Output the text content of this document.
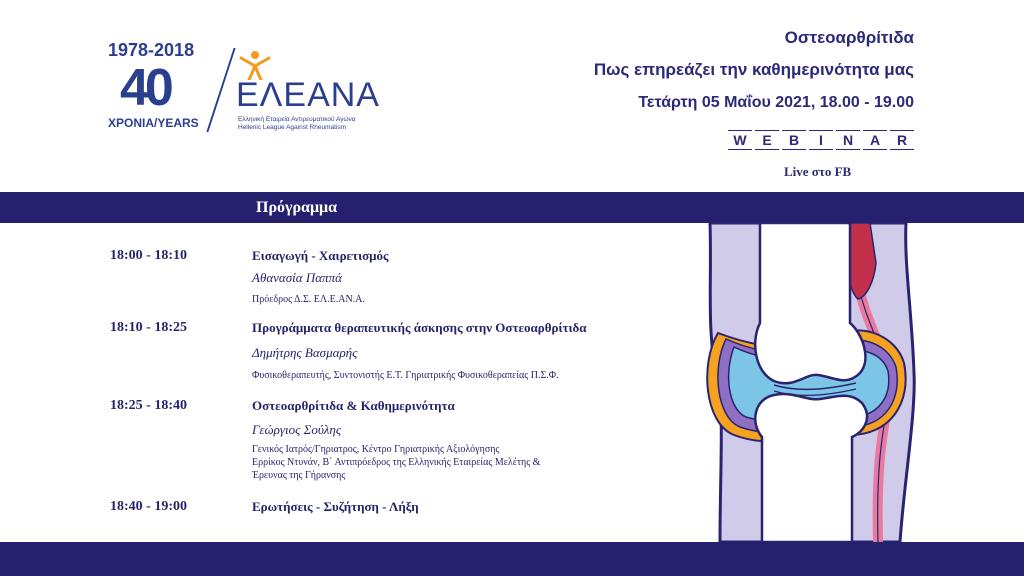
1978-2018
40
ΧΡΟΝΙΑ/YEARS
ΕΛΕΑΝΑ
Ελληνική Εταιρεία Αντιρευματικού Αγώνα
Hellenic League Against Rheumatism
Οστεοαρθρίτιδα
Πως επηρεάζει την καθημερινότητα μας
Τετάρτη 05 Μαΐου 2021, 18.00 - 19.00
W	E	B	I	N	A	R
Live στο FB
Πρόγραμμα
18:00 - 18:10	Εισαγωγή - Χαιρετισμός
Αθανασία Παππά
Πρόεδρος Δ.Σ. ΕΛ.Ε.ΑΝ.Α.
18:10 - 18:25	Προγράμματα θεραπευτικής άσκησης στην Οστεοαρθρίτιδα
Δημήτρης Βασμαρής
Φυσικοθεραπευτής, Συντονιστής Ε.Τ. Γηριατρικής Φυσικοθεραπείας Π.Σ.Φ.
18:25 - 18:40	Οστεοαρθρίτιδα & Καθημερινότητα
Γεώργιος Σούλης
Γενικός Ιατρός/Γηριατρος, Κέντρο Γηριατρικής Αξιολόγησης
Ερρίκος Ντυνάν, Β΄ Αντιπρόεδρος της Ελληνικής Εταιρείας Μελέτης &
Έρευνας της Γήρανσης
18:40 - 19:00	Ερωτήσεις - Συζήτηση - Λήξη
